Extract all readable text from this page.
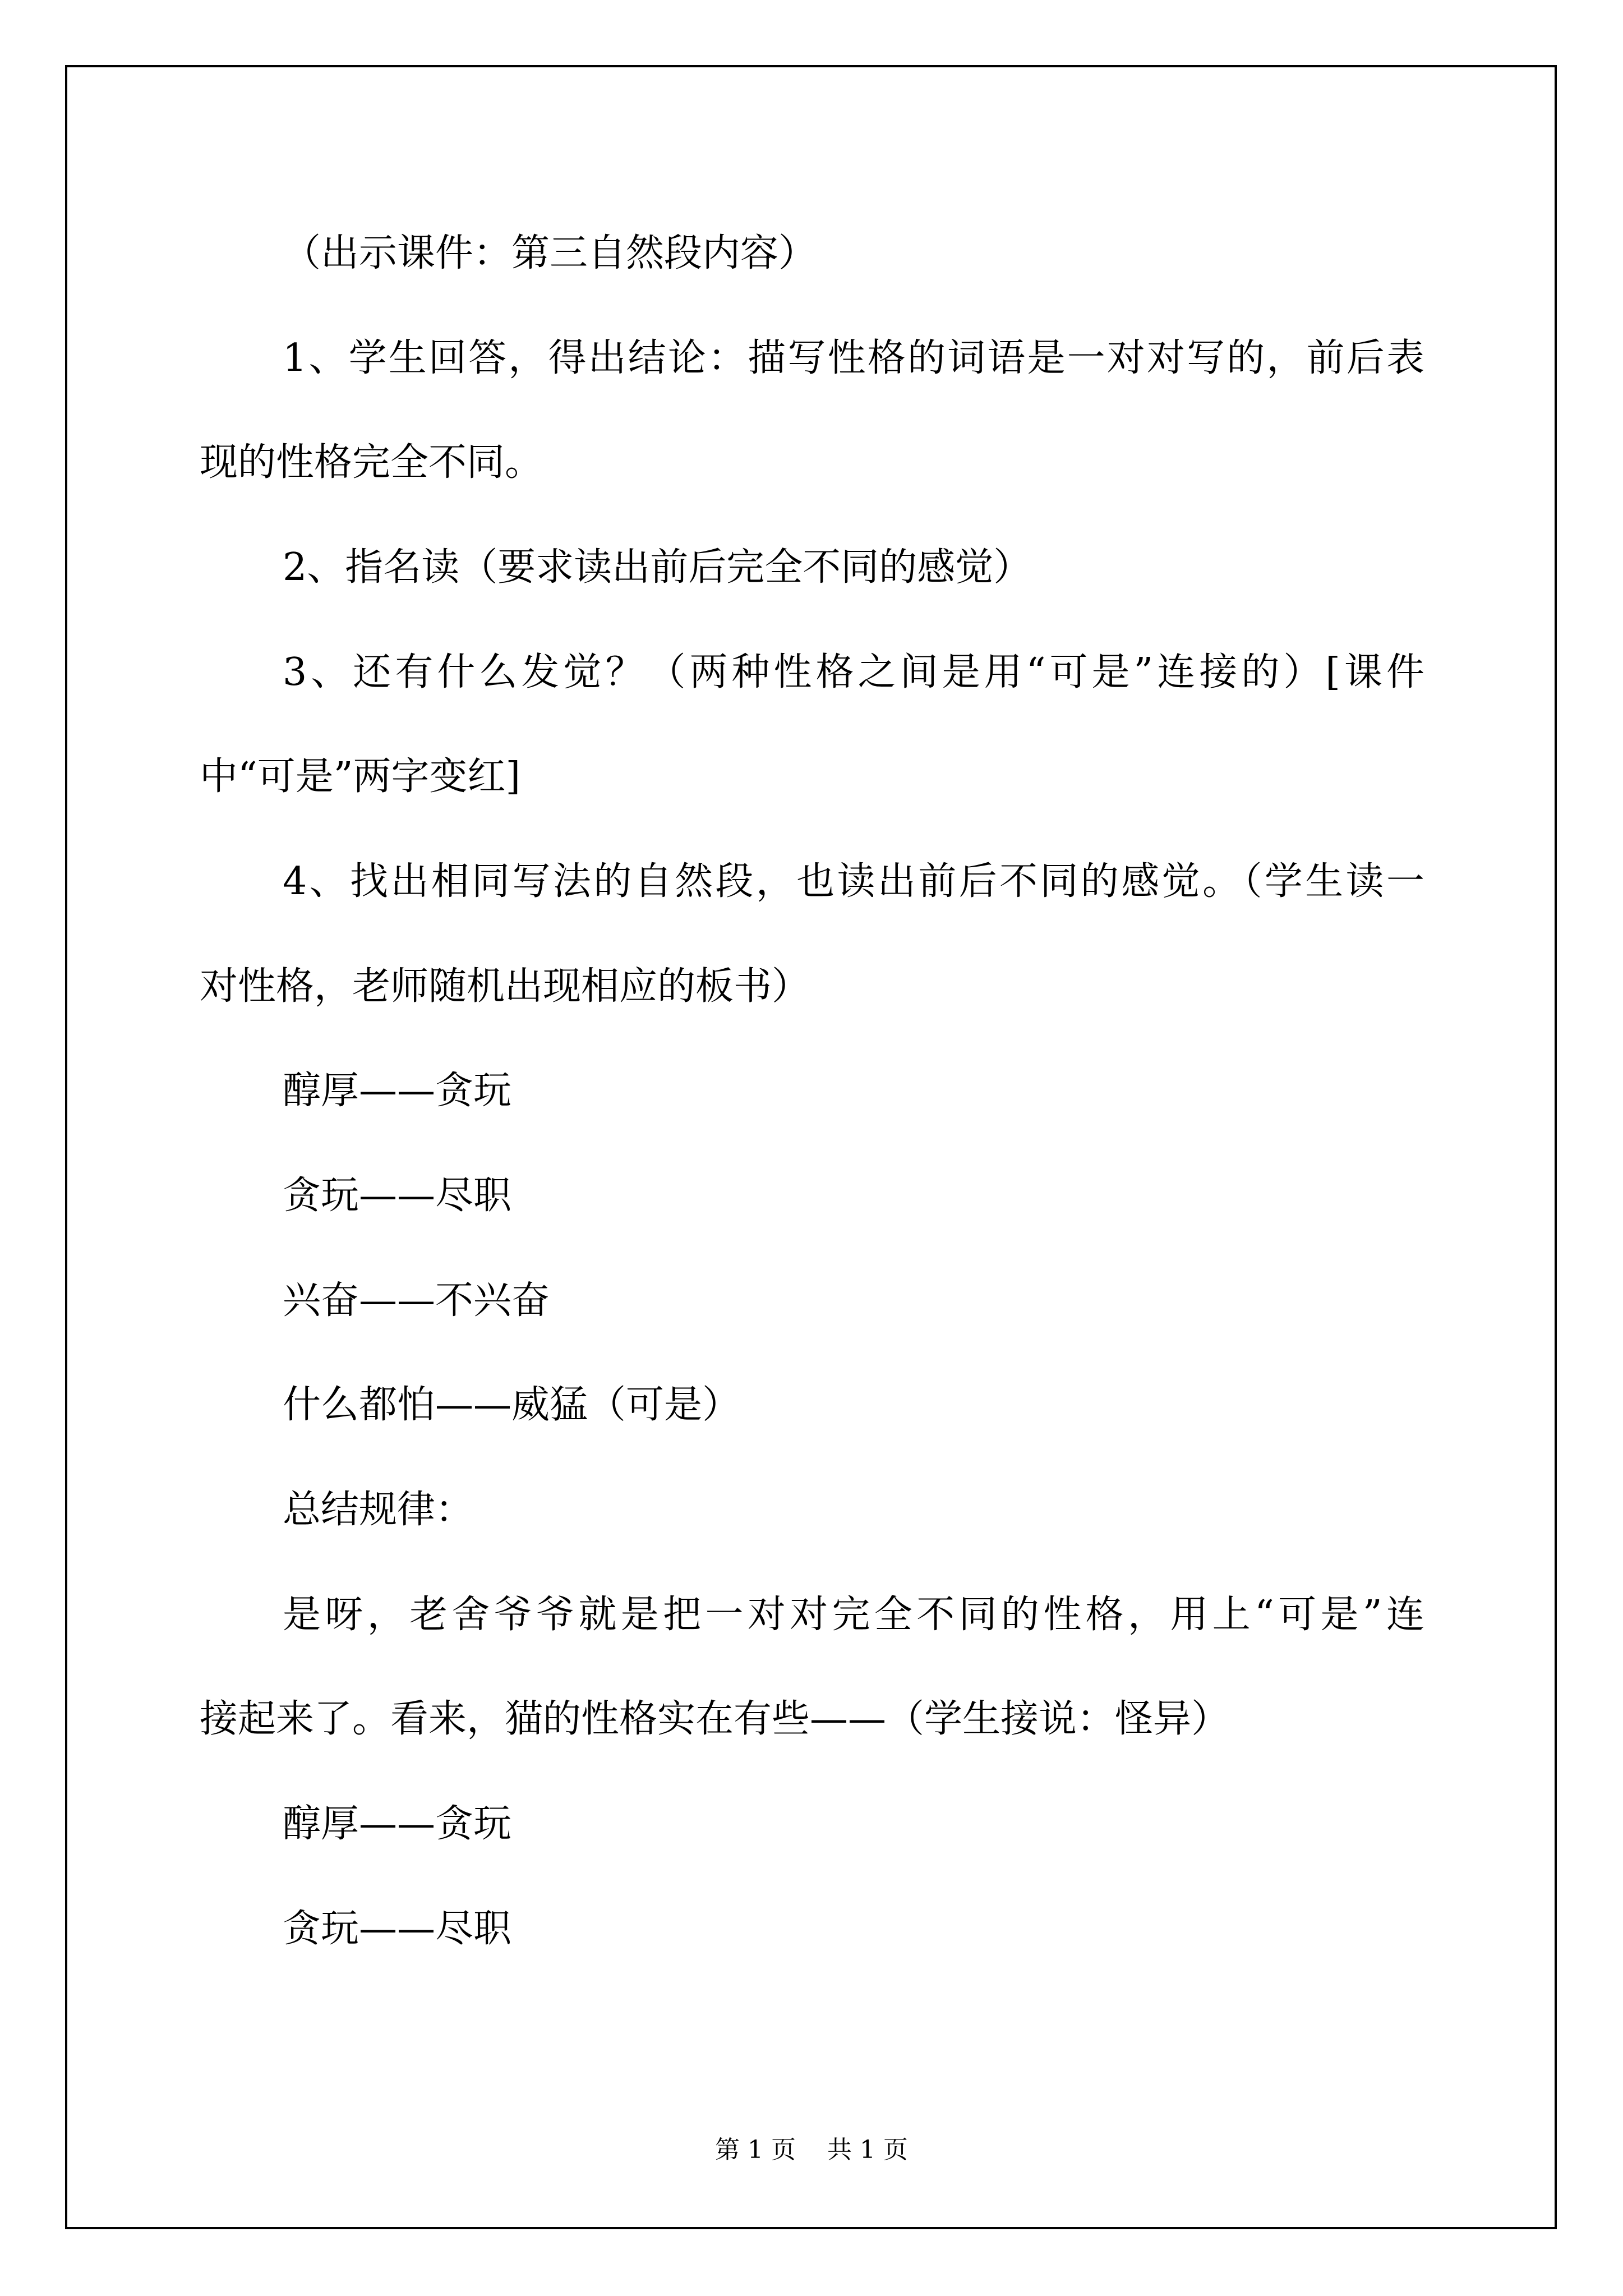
（出示课件：第三自然段内容）
1、学生回答，得出结论：描写性格的词语是一对对写的，前后表
现的性格完全不同。
2、指名读（要求读出前后完全不同的感觉）
3、还有什么发觉？（两种性格之间是用“可是”连接的）[课件
中“可是”两字变红]
4、找出相同写法的自然段，也读出前后不同的感觉。（学生读一
对性格，老师随机出现相应的板书）
醇厚——贪玩
贪玩——尽职
兴奋——不兴奋
什么都怕——威猛（可是）
总结规律：
是呀，老舍爷爷就是把一对对完全不同的性格，用上“可是”连
接起来了。看来，猫的性格实在有些——（学生接说：怪异）
醇厚——贪玩
贪玩——尽职
第 1 页    共 1 页
